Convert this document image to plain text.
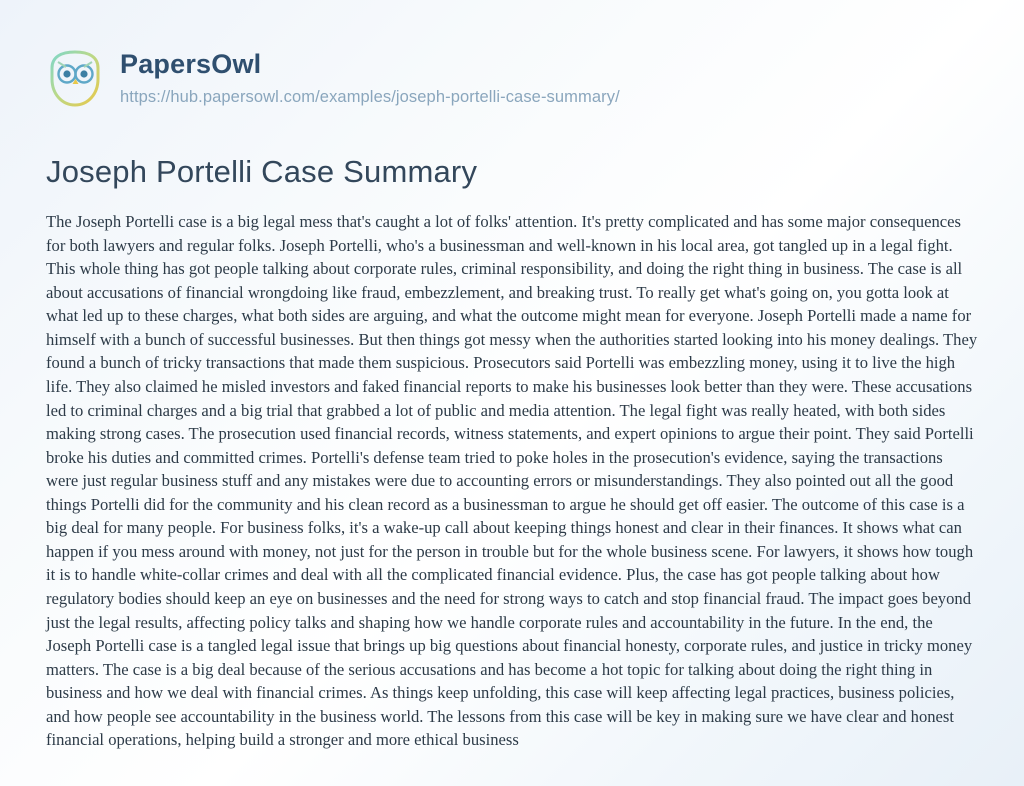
PapersOwl
https://hub.papersowl.com/examples/joseph-portelli-case-summary/
Joseph Portelli Case Summary

The Joseph Portelli case is a big legal mess that's caught a lot of folks' attention. It's pretty complicated and has some major consequences for both lawyers and regular folks. Joseph Portelli, who's a businessman and well-known in his local area, got tangled up in a legal fight. This whole thing has got people talking about corporate rules, criminal responsibility, and doing the right thing in business. The case is all about accusations of financial wrongdoing like fraud, embezzlement, and breaking trust. To really get what's going on, you gotta look at what led up to these charges, what both sides are arguing, and what the outcome might mean for everyone. Joseph Portelli made a name for himself with a bunch of successful businesses. But then things got messy when the authorities started looking into his money dealings. They found a bunch of tricky transactions that made them suspicious. Prosecutors said Portelli was embezzling money, using it to live the high life. They also claimed he misled investors and faked financial reports to make his businesses look better than they were. These accusations led to criminal charges and a big trial that grabbed a lot of public and media attention. The legal fight was really heated, with both sides making strong cases. The prosecution used financial records, witness statements, and expert opinions to argue their point. They said Portelli broke his duties and committed crimes. Portelli's defense team tried to poke holes in the prosecution's evidence, saying the transactions were just regular business stuff and any mistakes were due to accounting errors or misunderstandings. They also pointed out all the good things Portelli did for the community and his clean record as a businessman to argue he should get off easier. The outcome of this case is a big deal for many people. For business folks, it's a wake-up call about keeping things honest and clear in their finances. It shows what can happen if you mess around with money, not just for the person in trouble but for the whole business scene. For lawyers, it shows how tough it is to handle white-collar crimes and deal with all the complicated financial evidence. Plus, the case has got people talking about how regulatory bodies should keep an eye on businesses and the need for strong ways to catch and stop financial fraud. The impact goes beyond just the legal results, affecting policy talks and shaping how we handle corporate rules and accountability in the future. In the end, the Joseph Portelli case is a tangled legal issue that brings up big questions about financial honesty, corporate rules, and justice in tricky money matters. The case is a big deal because of the serious accusations and has become a hot topic for talking about doing the right thing in business and how we deal with financial crimes. As things keep unfolding, this case will keep affecting legal practices, business policies, and how people see accountability in the business world. The lessons from this case will be key in making sure we have clear and honest financial operations, helping build a stronger and more ethical business
